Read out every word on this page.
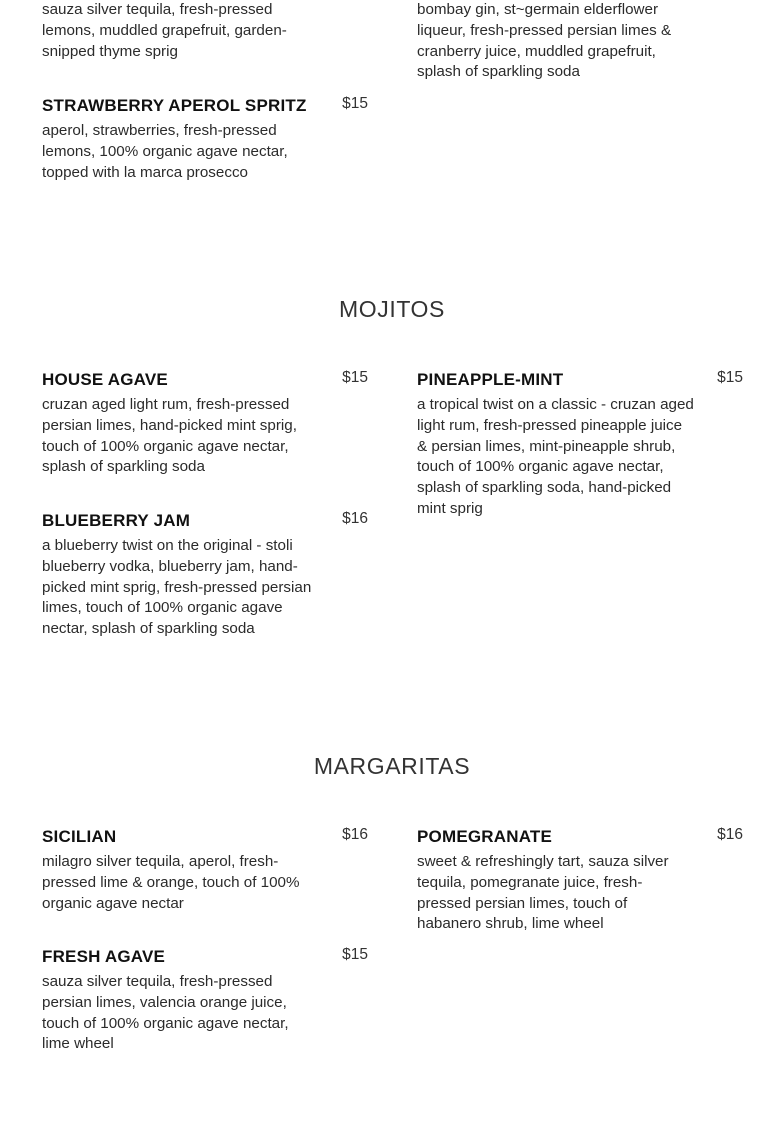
sauza silver tequila, fresh-pressed lemons, muddled grapefruit, garden-snipped thyme sprig

bombay gin, st~germain elderflower liqueur, fresh-pressed persian limes & cranberry juice, muddled grapefruit, splash of sparkling soda

STRAWBERRY APEROL SPRITZ $15

aperol, strawberries, fresh-pressed lemons, 100% organic agave nectar, topped with la marca prosecco

MOJITOS
HOUSE AGAVE	$15

cruzan aged light rum, fresh-pressed persian limes, hand-picked mint sprig, touch of 100% organic agave nectar, splash of sparkling soda

PINEAPPLE-MINT	$15

a tropical twist on a classic - cruzan aged light rum, fresh-pressed pineapple juice & persian limes, mint-pineapple shrub, touch of 100% organic agave nectar, splash of sparkling soda, hand-picked mint sprig

BLUEBERRY JAM	$16

a blueberry twist on the original - stoli blueberry vodka, blueberry jam, hand-picked mint sprig, fresh-pressed persian limes, touch of 100% organic agave nectar, splash of sparkling soda

MARGARITAS
SICILIAN	$16

milagro silver tequila, aperol, fresh-pressed lime & orange, touch of 100% organic agave nectar

POMEGRANATE	$16

sweet & refreshingly tart, sauza silver tequila, pomegranate juice, fresh-pressed persian limes, touch of habanero shrub, lime wheel

FRESH AGAVE	$15

sauza silver tequila, fresh-pressed persian limes, valencia orange juice, touch of 100% organic agave nectar, lime wheel
